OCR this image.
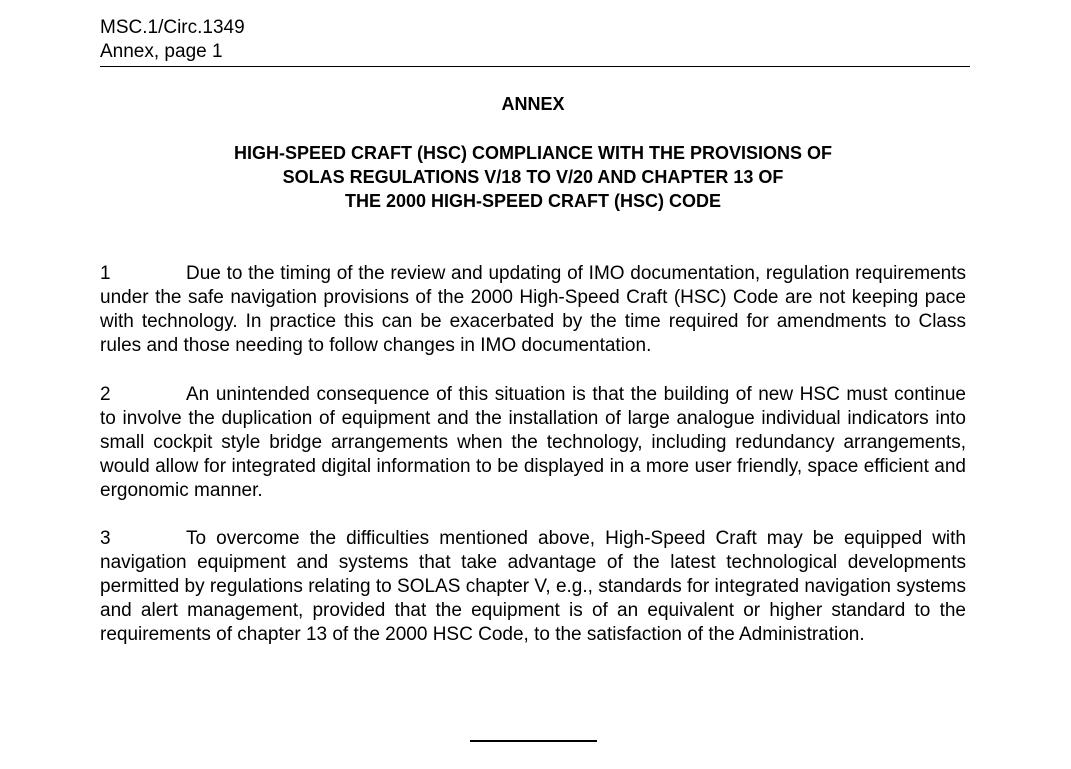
MSC.1/Circ.1349
Annex, page 1
ANNEX
HIGH-SPEED CRAFT (HSC) COMPLIANCE WITH THE PROVISIONS OF
SOLAS REGULATIONS V/18 TO V/20 AND CHAPTER 13 OF
THE 2000 HIGH-SPEED CRAFT (HSC) CODE
1	Due to the timing of the review and updating of IMO documentation, regulation requirements under the safe navigation provisions of the 2000 High-Speed Craft (HSC) Code are not keeping pace with technology. In practice this can be exacerbated by the time required for amendments to Class rules and those needing to follow changes in IMO documentation.
2	An unintended consequence of this situation is that the building of new HSC must continue to involve the duplication of equipment and the installation of large analogue individual indicators into small cockpit style bridge arrangements when the technology, including redundancy arrangements, would allow for integrated digital information to be displayed in a more user friendly, space efficient and ergonomic manner.
3	To overcome the difficulties mentioned above, High-Speed Craft may be equipped with navigation equipment and systems that take advantage of the latest technological developments permitted by regulations relating to SOLAS chapter V, e.g., standards for integrated navigation systems and alert management, provided that the equipment is of an equivalent or higher standard to the requirements of chapter 13 of the 2000 HSC Code, to the satisfaction of the Administration.
